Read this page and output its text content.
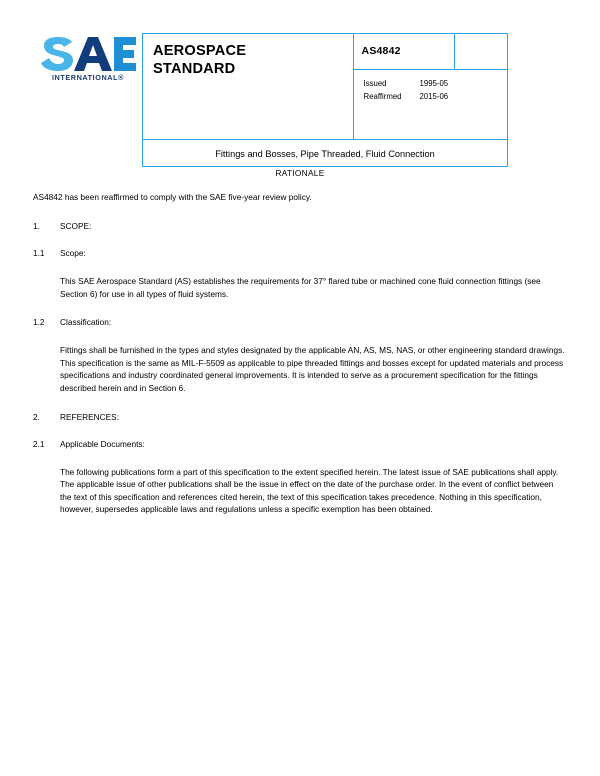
INTERNATIONAL®
AEROSPACE
STANDARD
	AS4842	

Issued	1995-05
Reaffirmed	2015-06

Fittings and Bosses, Pipe Threaded, Fluid Connection
RATIONALE
AS4842 has been reaffirmed to comply with the SAE five-year review policy.
1. SCOPE:
1.1 Scope:
This SAE Aerospace Standard (AS) establishes the requirements for 37° flared tube or machined cone fluid connection fittings (see Section 6) for use in all types of fluid systems.
1.2 Classification:
Fittings shall be furnished in the types and styles designated by the applicable AN, AS, MS, NAS, or other engineering standard drawings. This specification is the same as MIL-F-5509 as applicable to pipe threaded fittings and bosses except for updated materials and process specifications and industry coordinated general improvements. It is intended to serve as a procurement specification for the fittings described herein and in Section 6.
2. REFERENCES:
2.1 Applicable Documents:
The following publications form a part of this specification to the extent specified herein. The latest issue of SAE publications shall apply. The applicable issue of other publications shall be the issue in effect on the date of the purchase order. In the event of conflict between the text of this specification and references cited herein, the text of this specification takes precedence. Nothing in this specification, however, supersedes applicable laws and regulations unless a specific exemption has been obtained.
